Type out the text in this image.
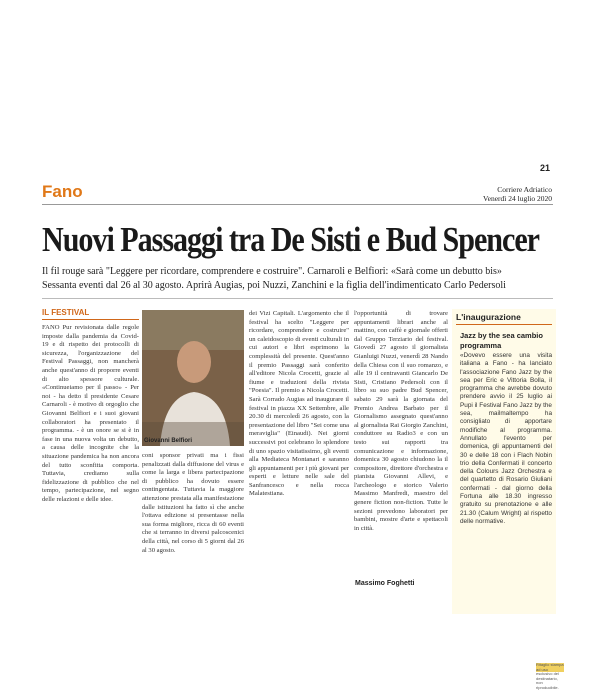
21
Fano	Corriere Adriatico
Venerdì 24 luglio 2020
Nuovi Passaggi tra De Sisti e Bud Spencer
Il fil rouge sarà "Leggere per ricordare, comprendere e costruire". Carnaroli e Belfiori: «Sarà come un debutto bis»
Sessanta eventi dal 26 al 30 agosto. Aprirà Augias, poi Nuzzi, Zanchini e la figlia dell'indimenticato Carlo Pedersoli
IL FESTIVAL
FANO Pur revisionata dalle regole imposte dalla pandemia da Covid-19 e di rispetto dei protocolli di sicurezza, l'organizzazione del Festival Passaggi, non mancherà anche quest'anno di proporre eventi di alto spessore culturale. «Continueiamo per il passo» - Per noi - ha detto il presidente Cesare Carnaroli - è motivo di orgoglio che Giovanni Belfiori e i suoi giovani collaboratori ha presentato il programma. - è un onore se si è in fase in una nuova volta un debutto, a causa delle incognite che la situazione pandemica ha non ancora del tutto sconfitta comporta. Tuttavia, crediamo sulla fidelizzazione di pubblico che nel tempo, partecipazione, nel segno delle relazioni e delle idee.
Giovanni Belfiori
coni sponsor privati ma i fissi penalizzati dalla diffusione del virus e come la larga e libera partecipazione di pubblico ha dovuto essere contingentata. Tuttavia la maggiore attenzione prestata alla manifestazione dalle istituzioni ha fatto sì che anche l'ottava edizione si presentasse nella sua forma migliore, ricca di 60 eventi che si terranno in diversi palcoscenici della città, nel corso di 5 giorni dal 26 al 30 agosto.
dei Vizi Capitali. L'argomento che il festival ha scelto "Leggere per ricordare, comprendere e costruire" un caleidoscopio di eventi culturali in cui autori e libri esprimono la complessità del presente. Quest'anno il premio Passaggi sarà conferito all'editore Nicola Crocetti, grazie al fiume e traduzioni della rivista "Poesia". Il premio a Nicola Crocetti. Sarà Corrado Augias ad inaugurare il festival in piazza XX Settembre, alle 20.30 di mercoledì 26 agosto, con la presentazione del libro "Sei come una meraviglia" (Einaudi). Nei giorni successivi poi celebrano lo splendore di uno spazio visitatissimo, gli eventi alla Mediateca Montanari e saranno gli appuntamenti per i più giovani per esperti e letture nelle sale del Sanfrancesco e nella rocca Malatestiana.
l'opportunità di trovare appuntamenti librari anche al mattino, con caffè e giornale offerti dal Gruppo Terziario del festival. Giovedì 27 agosto il giornalista Gianluigi Nuzzi, venerdì 28 Nando della Chiesa con il suo romanzo, e alle 19 il centravanti Giancarlo De Sisti, Cristiano Pedersoli con il libro su suo padre Bud Spencer, sabato 29 sarà la giornata del Premio Andrea Barbato per il Giornalismo assegnato quest'anno al giornalista Rai Giorgio Zanchini, conduttore su Radio3 e con un testo sui rapporti tra comunicazione e informazione, domenica 30 agosto chiudono la il compositore, direttore d'orchestra e pianista Giovanni Allevi, e l'archeologo e storico Valerio Massimo Manfredi, maestro del genere fiction non-fiction. Tutte le sezioni prevedono laboratori per bambini, mostre d'arte e spettacoli in città.
Massimo Foghetti
L'inaugurazione
Jazz by the sea cambio programma
«Dovevo essere una visita italiana a Fano - ha lanciato l'associazione Fano Jazz by the sea per Eric e Vittoria Bolla, il programma che avrebbe dovuto prendere avvio il 25 luglio ai Pupi il Festival Fano Jazz by the sea, mailmaltempo ha consigliato di apportare modifiche al programma. Annullato l'evento per domenica, gli appuntamenti del 30 e delle 18 con i Flach Nobin trio della Confermati il concerto della Colours Jazz Orchestra e del quartetto di Rosario Giuliani confermati - dal giorno della Fortuna alle 18.30 ingresso gratuito su prenotazione e alle 21.30 (Calum Wright) al rispetto delle normative.
Ritaglio stampa ad uso esclusivo del destinatario, non riproducibile.
